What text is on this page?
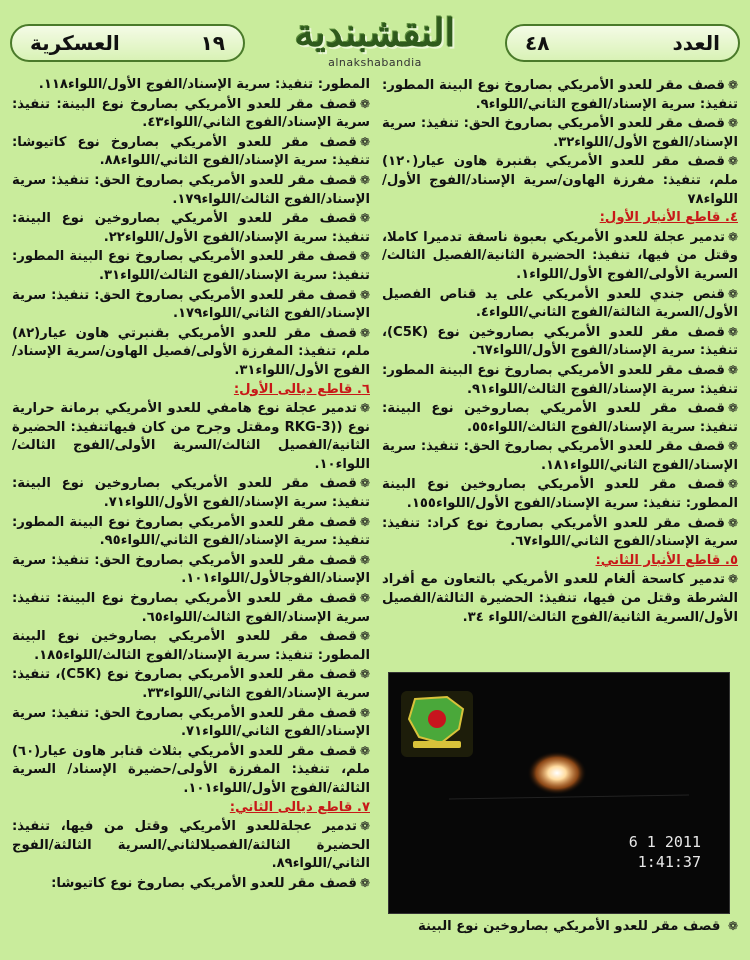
العسكرية	١٩	النقشبندية
alnakshabandia
٤٨	العدد

❁قصف مقر للعدو الأمريكي بصاروخ نوع البينة المطور: تنفيذ: سرية الإسناد/الفوج الثاني/اللواء٩.

❁قصف مقر للعدو الأمريكي بصاروخ الحق: تنفيذ: سرية الإسناد/الفوج الأول/اللواء٣٢.

❁قصف مقر للعدو الأمريكي بقنبرة هاون عيار(١٢٠) ملم، تنفيذ: مفرزة الهاون/سرية الإسناد/الفوج الأول/ اللواء٧٨

٤. قاطع الأنبار الأول:

❁تدمير عجلة للعدو الأمريكي بعبوة ناسفة تدميرا كاملا، وقتل من فيها، تنفيذ: الحضيرة الثانية/الفصيل الثالث/ السرية الأولى/الفوج الأول/اللواء١.

❁قنص جندي للعدو الأمريكي على يد قناص الفصيل الأول/السرية الثالثة/الفوج الثاني/اللواء٤.

❁قصف مقر للعدو الأمريكي بصاروخين نوع (C5K)، تنفيذ: سرية الإسناد/الفوج الأول/اللواء٦٧.

❁قصف مقر للعدو الأمريكي بصاروخ نوع البينة المطور: تنفيذ: سرية الإسناد/الفوج الثالث/اللواء٩١.

❁قصف مقر للعدو الأمريكي بصاروخين نوع البينة: تنفيذ: سرية الإسناد/الفوج الثالث/اللواء٥٥.

❁قصف مقر للعدو الأمريكي بصاروخ الحق: تنفيذ: سرية الإسناد/الفوج الثاني/اللواء١٨١.

❁قصف مقر للعدو الأمريكي بصاروخين نوع البينة المطور: تنفيذ: سرية الإسناد/الفوج الأول/اللواء١٥٥.

❁قصف مقر للعدو الأمريكي بصاروخ نوع كراد: تنفيذ: سرية الإسناد/الفوج الثاني/اللواء٦٧.

٥. قاطع الأنبار الثاني:

❁تدمير كاسحة ألغام للعدو الأمريكي بالتعاون مع أفراد الشرطة وقتل من فيها، تنفيذ: الحضيرة الثالثة/الفصيل الأول/السرية الثانية/الفوج الثالث/اللواء ٣٤.

المطور: تنفيذ: سرية الإسناد/الفوج الأول/اللواء١١٨.

❁قصف مقر للعدو الأمريكي بصاروخ نوع البينة: تنفيذ: سرية الإسناد/الفوج الثاني/اللواء٤٣.

❁قصف مقر للعدو الأمريكي بصاروخ نوع كاتيوشا: تنفيذ: سرية الإسناد/الفوج الثاني/اللواء٨٨.

❁قصف مقر للعدو الأمريكي بصاروخ الحق: تنفيذ: سرية الإسناد/الفوج الثالث/اللواء١٧٩.

❁قصف مقر للعدو الأمريكي بصاروخين نوع البينة: تنفيذ: سرية الإسناد/الفوج الأول/اللواء٢٢.

❁قصف مقر للعدو الأمريكي بصاروخ نوع البينة المطور: تنفيذ: سرية الإسناد/الفوج الثالث/اللواء٣١.

❁قصف مقر للعدو الأمريكي بصاروخ الحق: تنفيذ: سرية الإسناد/الفوج الثاني/اللواء١٧٩.

❁قصف مقر للعدو الأمريكي بقنبرتي هاون عيار(٨٢) ملم، تنفيذ: المفرزة الأولى/فصيل الهاون/سرية الإسناد/ الفوج الأول/اللواء٣١.

٦. قاطع ديالى الأول:

❁تدمير عجلة نوع هامفي للعدو الأمريكي برمانة حرارية نوع ((RKG-3 ومقتل وجرح من كان فيهاتنفيذ: الحضيرة الثانية/الفصيل الثالث/السرية الأولى/الفوج الثالث/اللواء١٠.

❁قصف مقر للعدو الأمريكي بصاروخين نوع البينة: تنفيذ: سرية الإسناد/الفوج الأول/اللواء٧١.

❁قصف مقر للعدو الأمريكي بصاروخ نوع البينة المطور: تنفيذ: سرية الإسناد/الفوج الثاني/اللواء٩٥.

❁قصف مقر للعدو الأمريكي بصاروخ الحق: تنفيذ: سرية الإسناد/الفوجالأول/اللواء١٠١.

❁قصف مقر للعدو الأمريكي بصاروخ نوع البينة: تنفيذ: سرية الإسناد/الفوج الثالث/اللواء٦٥.

❁قصف مقر للعدو الأمريكي بصاروخين نوع البينة المطور: تنفيذ: سرية الإسناد/الفوج الثالث/اللواء١٨٥.

❁قصف مقر للعدو الأمريكي بصاروخ نوع (C5K)، تنفيذ: سرية الإسناد/الفوج الثاني/اللواء٣٣.

❁قصف مقر للعدو الأمريكي بصاروخ الحق: تنفيذ: سرية الإسناد/الفوج الثاني/اللواء٧١.

❁قصف مقر للعدو الأمريكي بثلاث قنابر هاون عيار(٦٠) ملم، تنفيذ: المفرزة الأولى/حضيرة الإسناد/ السرية الثالثة/الفوج الأول/اللواء١٠١.

٧. قاطع ديالى الثاني:

❁تدمير عجلةللعدو الأمريكي وقتل من فيها، تنفيذ: الحضيرة الثالثة/الفصيلالثاني/السرية الثالثة/الفوج الثاني/اللواء٨٩.

❁قصف مقر للعدو الأمريكي بصاروخ نوع كاتيوشا:

6 1 2011
1:41:37
❁ قصف مقر للعدو الأمريكي بصاروخين نوع البينة
